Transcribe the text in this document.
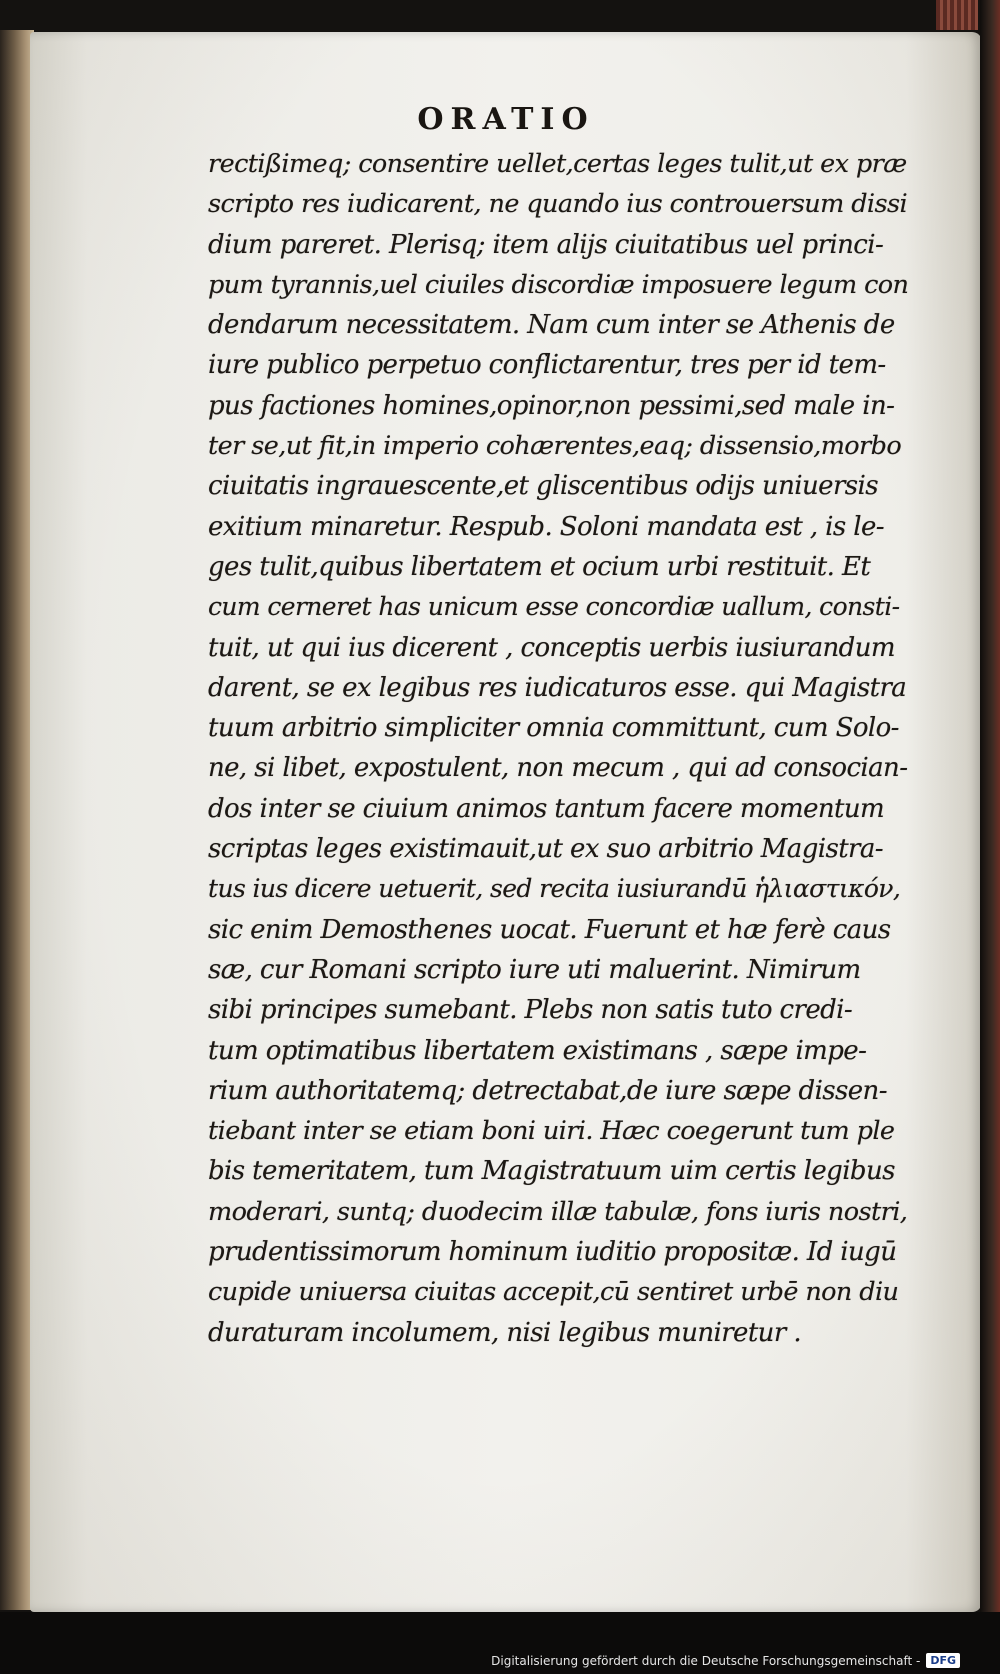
ORATIO
rectißimeq; consentire uellet,certas leges tulit,ut ex præ
scripto res iudicarent, ne quando ius controuersum dissi
dium pareret. Plerisq; item alijs ciuitatibus uel princi-
pum tyrannis,uel ciuiles discordiæ imposuere legum con
dendarum necessitatem. Nam cum inter se Athenis de
iure publico perpetuo conflictarentur, tres per id tem-
pus factiones homines,opinor,non pessimi,sed male in-
ter se,ut fit,in imperio cohærentes,eaq; dissensio,morbo
ciuitatis ingrauescente,et gliscentibus odijs uniuersis
exitium minaretur. Respub. Soloni mandata est , is le-
ges tulit,quibus libertatem et ocium urbi restituit. Et
cum cerneret has unicum esse concordiæ uallum, consti-
tuit, ut qui ius dicerent , conceptis uerbis iusiurandum
darent, se ex legibus res iudicaturos esse. qui Magistra
tuum arbitrio simpliciter omnia committunt, cum Solo-
ne, si libet, expostulent, non mecum , qui ad consocian-
dos inter se ciuium animos tantum facere momentum
scriptas leges existimauit,ut ex suo arbitrio Magistra-
tus ius dicere uetuerit, sed recita iusiurandū ἡλιαστικόν,
sic enim Demosthenes uocat. Fuerunt et hæ ferè caus
sæ, cur Romani scripto iure uti maluerint. Nimirum
sibi principes sumebant. Plebs non satis tuto credi-
tum optimatibus libertatem existimans , sæpe impe-
rium authoritatemq; detrectabat,de iure sæpe dissen-
tiebant inter se etiam boni uiri. Hæc coegerunt tum ple
bis temeritatem, tum Magistratuum uim certis legibus
moderari, suntq; duodecim illæ tabulæ, fons iuris nostri,
prudentissimorum hominum iuditio propositæ. Id iugū
cupide uniuersa ciuitas accepit,cū sentiret urbē non diu
duraturam incolumem, nisi legibus muniretur .
Digitalisierung gefördert durch die Deutsche Forschungsgemeinschaft - DFG
